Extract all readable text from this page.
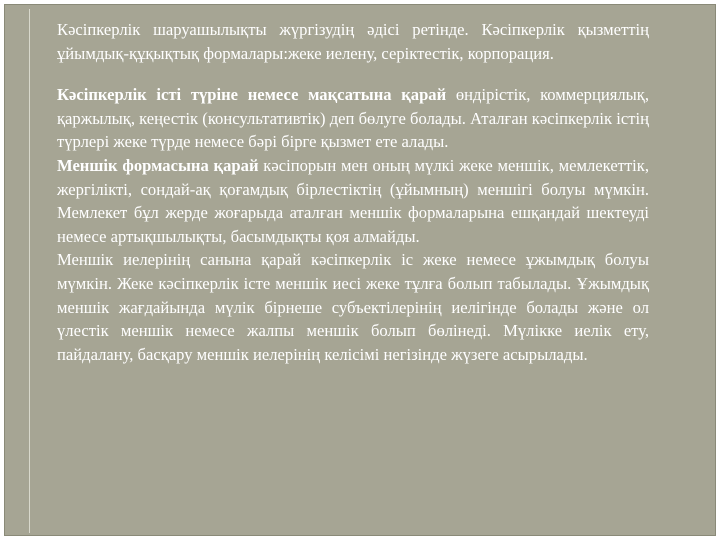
Кәсіпкерлік шаруашылықты жүргізудің әдісі ретінде. Кәсіпкерлік қызметтің ұйымдық-құқықтық формалары:жеке иелену, серіктестік, корпорация.

Кәсіпкерлік істі түріне немесе мақсатына қарай өндірістік, коммерциялық, қаржылық, кеңестік (консультативтік) деп бөлуге болады. Аталған кәсіпкерлік істің түрлері жеке түрде немесе бәрі бірге қызмет ете алады.

Меншік формасына қарай кәсіпорын мен оның мүлкі жеке меншік, мемлекеттік, жергілікті, сондай-ақ қоғамдық бірлестіктің (ұйымның) меншігі болуы мүмкін. Мемлекет бұл жерде жоғарыда аталған меншік формаларына ешқандай шектеуді немесе артықшылықты, басымдықты қоя алмайды.

Меншік иелерінің санына қарай кәсіпкерлік іс жеке немесе ұжымдық болуы мүмкін. Жеке кәсіпкерлік істе меншік иесі жеке тұлға болып табылады. Ұжымдық меншік жағдайында мүлік бірнеше субъектілерінің иелігінде болады және ол үлестік меншік немесе жалпы меншік болып бөлінеді. Мүлікке иелік ету, пайдалану, басқару меншік иелерінің келісімі негізінде жүзеге асырылады.
